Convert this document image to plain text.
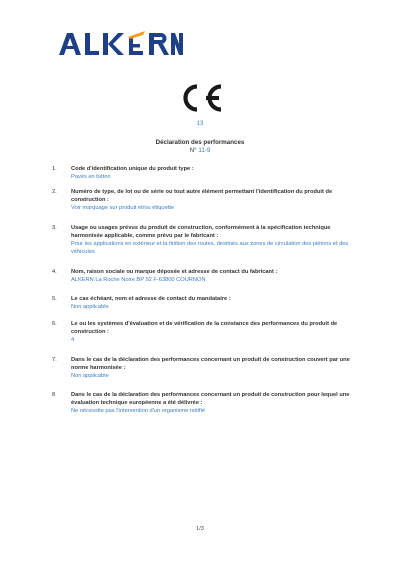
13
Déclaration des performances
N° 11-9
1.	Code d'identification unique du produit type :
Pavés en béton
2.	Numéro de type, de lot ou de série ou tout autre élément permettant l'identification du produit de construction :
Voir marquage sur produit et/ou étiquette
3.	Usage ou usages prévus du produit de construction, conformément à la spécification technique harmonisée applicable, comme prévu par le fabricant :
Pour les applications en extérieur et la finition des routes, destinés aux zones de circulation des piétons et des véhicules
4.	Nom, raison sociale ou marque déposée et adresse de contact du fabricant :
ALKERN La Roche Noire BP 92 F-63800 COURNON
5.	Le cas échéant, nom et adresse de contact du mandataire :
Non applicable
6.	Le ou les systèmes d'évaluation et de vérification de la constance des performances du produit de construction :
4
7.	Dans le cas de la déclaration des performances concernant un produit de construction couvert par une norme harmonisée :
Non applicable
8	Dans le cas de la déclaration des performances concernant un produit de construction pour lequel une évaluation technique européenne a été délivrée :
Ne nécessite pas l'intervention d'un organisme notifié
1/3
